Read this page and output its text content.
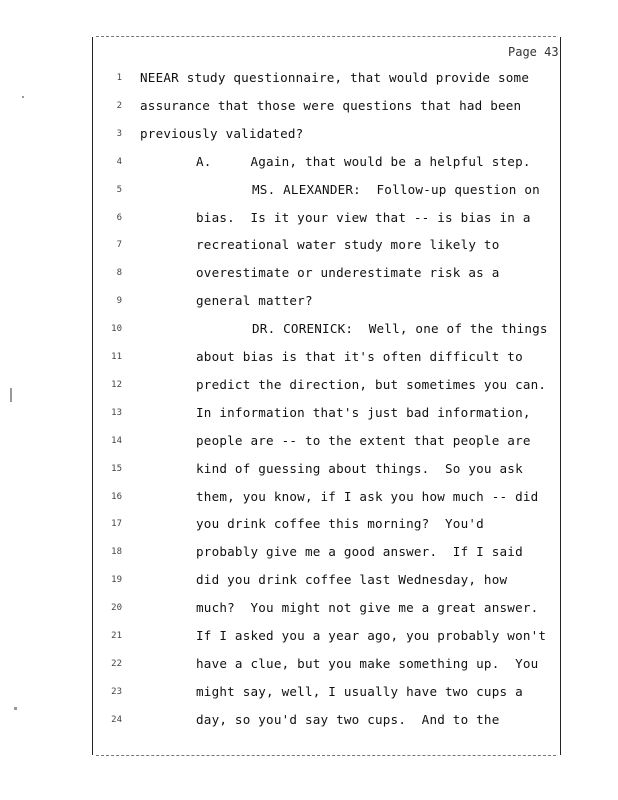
Page 43
1 NEEAR study questionnaire, that would provide some
2 assurance that those were questions that had been
3 previously validated?
4	A.     Again, that would be a helpful step.
5	MS. ALEXANDER:  Follow-up question on
6	bias.  Is it your view that -- is bias in a
7	recreational water study more likely to
8	overestimate or underestimate risk as a
9	general matter?
10	DR. CORENICK:  Well, one of the things
11	about bias is that it's often difficult to
12	predict the direction, but sometimes you can.
13	In information that's just bad information,
14	people are -- to the extent that people are
15	kind of guessing about things.  So you ask
16	them, you know, if I ask you how much -- did
17	you drink coffee this morning?  You'd
18	probably give me a good answer.  If I said
19	did you drink coffee last Wednesday, how
20	much?  You might not give me a great answer.
21	If I asked you a year ago, you probably won't
22	have a clue, but you make something up.  You
23	might say, well, I usually have two cups a
24	day, so you'd say two cups.  And to the
